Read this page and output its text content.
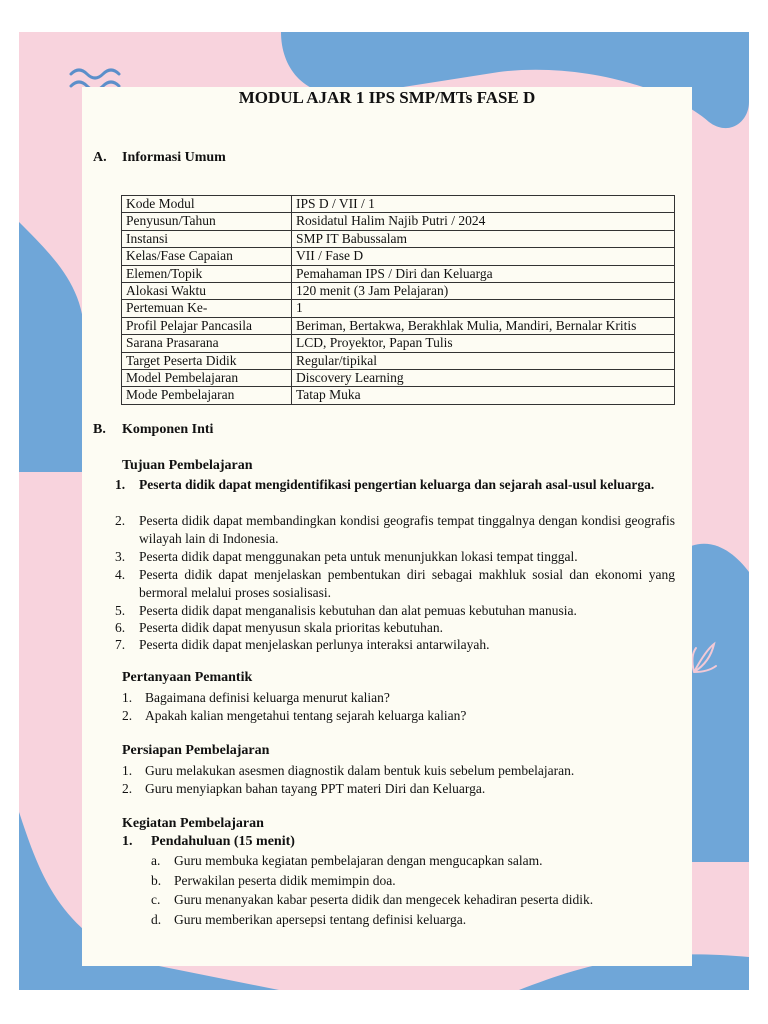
MODUL AJAR 1 IPS SMP/MTs FASE D
A. Informasi Umum
Kode Modul	IPS D / VII / 1
Penyusun/Tahun	Rosidatul Halim Najib Putri / 2024
Instansi	SMP IT Babussalam
Kelas/Fase Capaian	VII / Fase D
Elemen/Topik	Pemahaman IPS / Diri dan Keluarga
Alokasi Waktu	120 menit (3 Jam Pelajaran)
Pertemuan Ke-	1
Profil Pelajar Pancasila	Beriman, Bertakwa, Berakhlak Mulia, Mandiri, Bernalar Kritis
Sarana Prasarana	LCD, Proyektor, Papan Tulis
Target Peserta Didik	Regular/tipikal
Model Pembelajaran	Discovery Learning
Mode Pembelajaran	Tatap Muka
B. Komponen Inti
Tujuan Pembelajaran
1. Peserta didik dapat mengidentifikasi pengertian keluarga dan sejarah asal-usul keluarga.
2. Peserta didik dapat membandingkan kondisi geografis tempat tinggalnya dengan kondisi geografis wilayah lain di Indonesia.
3. Peserta didik dapat menggunakan peta untuk menunjukkan lokasi tempat tinggal.
4. Peserta didik dapat menjelaskan pembentukan diri sebagai makhluk sosial dan ekonomi yang bermoral melalui proses sosialisasi.
5. Peserta didik dapat menganalisis kebutuhan dan alat pemuas kebutuhan manusia.
6. Peserta didik dapat menyusun skala prioritas kebutuhan.
7. Peserta didik dapat menjelaskan perlunya interaksi antarwilayah.
Pertanyaan Pemantik
1. Bagaimana definisi keluarga menurut kalian?
2. Apakah kalian mengetahui tentang sejarah keluarga kalian?
Persiapan Pembelajaran
1. Guru melakukan asesmen diagnostik dalam bentuk kuis sebelum pembelajaran.
2. Guru menyiapkan bahan tayang PPT materi Diri dan Keluarga.
Kegiatan Pembelajaran
1. Pendahuluan (15 menit)
a. Guru membuka kegiatan pembelajaran dengan mengucapkan salam.
b. Perwakilan peserta didik memimpin doa.
c. Guru menanyakan kabar peserta didik dan mengecek kehadiran peserta didik.
d. Guru memberikan apersepsi tentang definisi keluarga.
